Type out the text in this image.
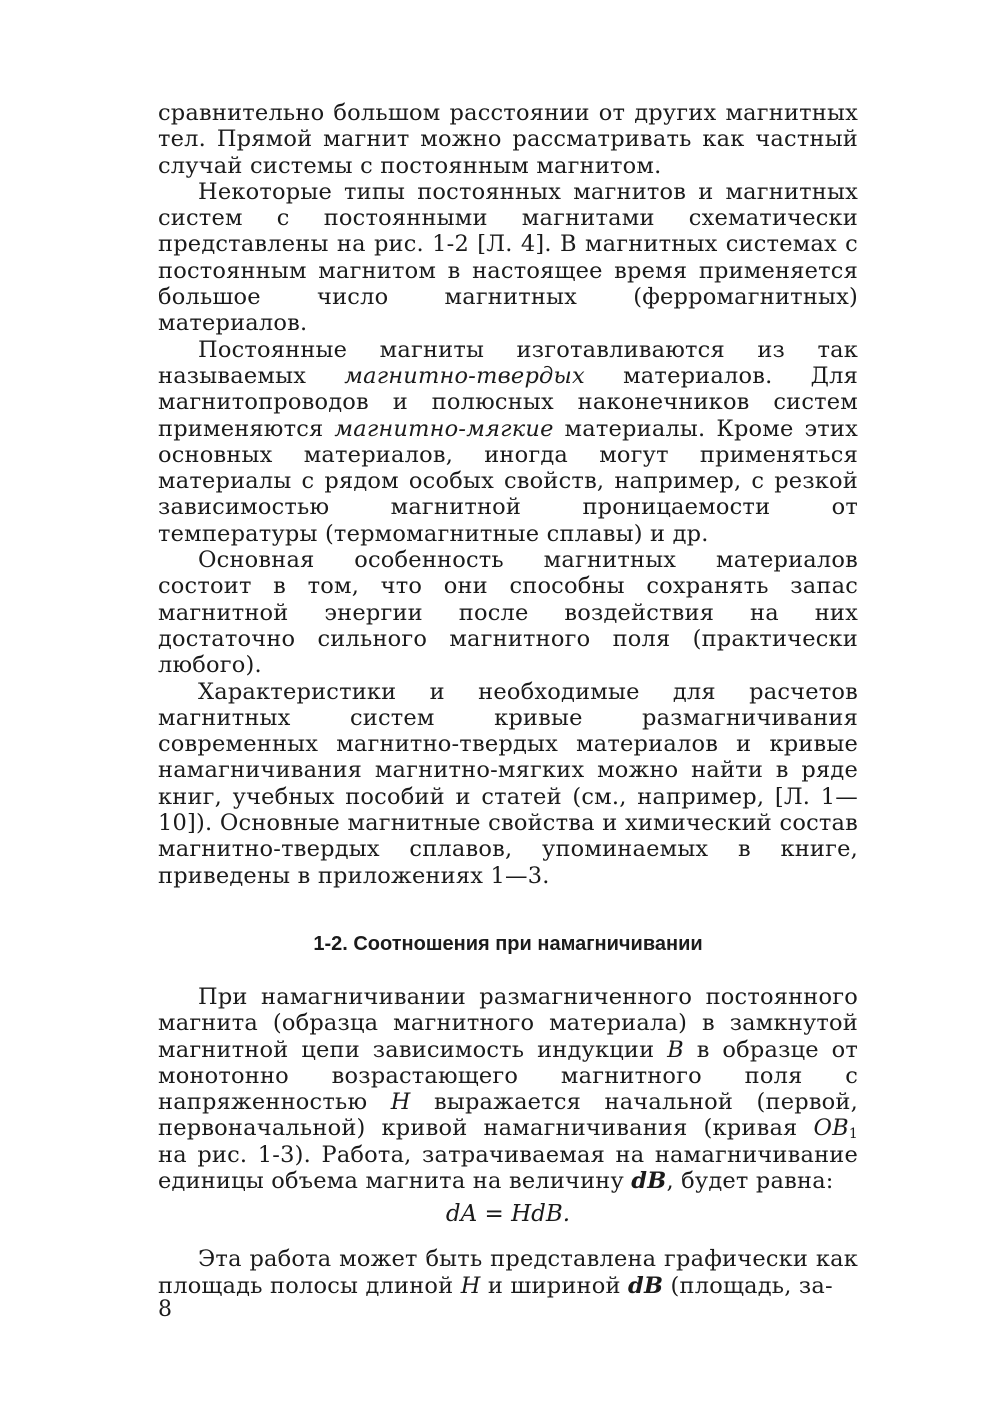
сравнительно большом расстоянии от других магнитных тел. Прямой магнит можно рассматривать как частный случай системы с постоянным магнитом.

Некоторые типы постоянных магнитов и магнитных систем с постоянными магнитами схематически представлены на рис. 1-2 [Л. 4]. В магнитных системах с постоянным магнитом в настоящее время применяется большое число магнитных (ферромагнитных) материалов.

Постоянные магниты изготавливаются из так называемых магнитно-твердых материалов. Для магнитопроводов и полюсных наконечников систем применяются магнитно-мягкие материалы. Кроме этих основных материалов, иногда могут применяться материалы с рядом особых свойств, например, с резкой зависимостью магнитной проницаемости от температуры (термомагнитные сплавы) и др.

Основная особенность магнитных материалов состоит в том, что они способны сохранять запас магнитной энергии после воздействия на них достаточно сильного магнитного поля (практически любого).

Характеристики и необходимые для расчетов магнитных систем кривые размагничивания современных магнитно-твердых материалов и кривые намагничивания магнитно-мягких можно найти в ряде книг, учебных пособий и статей (см., например, [Л. 1—10]). Основные магнитные свойства и химический состав магнитно-твердых сплавов, упоминаемых в книге, приведены в приложениях 1—3.

1-2. Соотношения при намагничивании

При намагничивании размагниченного постоянного магнита (образца магнитного материала) в замкнутой магнитной цепи зависимость индукции B в образце от монотонно возрастающего магнитного поля с напряженностью H выражается начальной (первой, первоначальной) кривой намагничивания (кривая $OB_1$ на рис. 1-3). Работа, затрачиваемая на намагничивание единицы объема магнита на величину dB, будет равна:

dA = HdB.

Эта работа может быть представлена графически как площадь полосы длиной H и шириной dB (площадь, за-

8
